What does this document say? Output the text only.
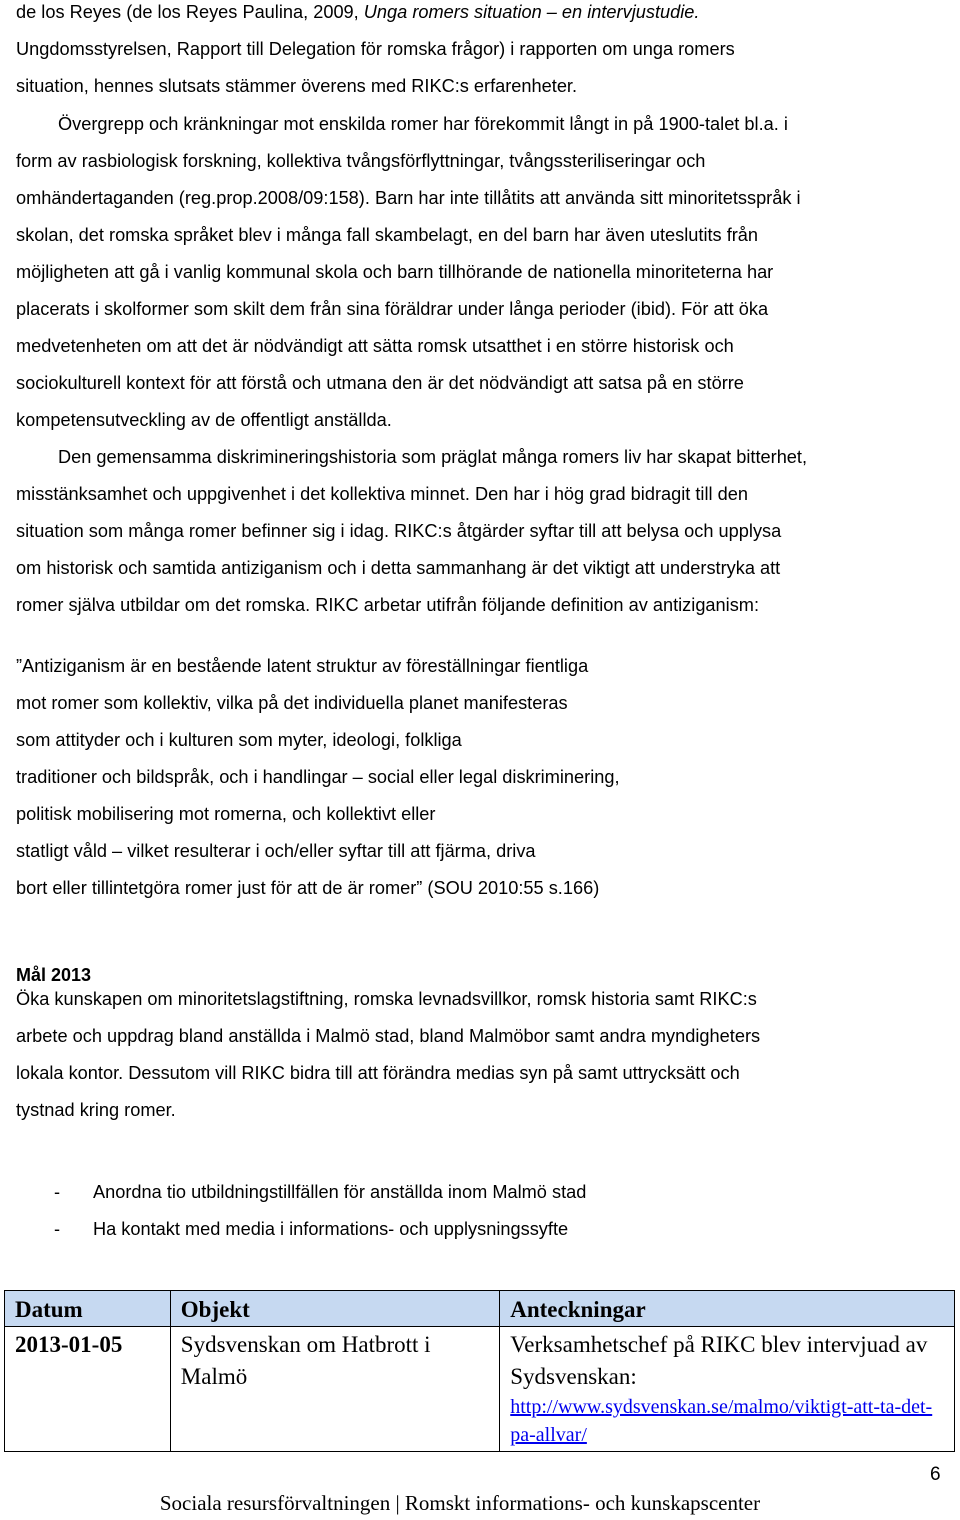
de los Reyes (de los Reyes Paulina, 2009, Unga romers situation – en intervjustudie.
Ungdomsstyrelsen, Rapport till Delegation för romska frågor) i rapporten om unga romers
situation, hennes slutsats stämmer överens med RIKC:s erfarenheter.
Övergrepp och kränkningar mot enskilda romer har förekommit långt in på 1900-talet bl.a. i
form av rasbiologisk forskning, kollektiva tvångsförflyttningar, tvångssteriliseringar och
omhändertaganden (reg.prop.2008/09:158). Barn har inte tillåtits att använda sitt minoritetsspråk i
skolan, det romska språket blev i många fall skambelagt, en del barn har även uteslutits från
möjligheten att gå i vanlig kommunal skola och barn tillhörande de nationella minoriteterna har
placerats i skolformer som skilt dem från sina föräldrar under långa perioder (ibid). För att öka
medvetenheten om att det är nödvändigt att sätta romsk utsatthet i en större historisk och
sociokulturell kontext för att förstå och utmana den är det nödvändigt att satsa på en större
kompetensutveckling av de offentligt anställda.
Den gemensamma diskrimineringshistoria som präglat många romers liv har skapat bitterhet,
misstänksamhet och uppgivenhet i det kollektiva minnet. Den har i hög grad bidragit till den
situation som många romer befinner sig i idag. RIKC:s åtgärder syftar till att belysa och upplysa
om historisk och samtida antiziganism och i detta sammanhang är det viktigt att understryka att
romer själva utbildar om det romska. RIKC arbetar utifrån följande definition av antiziganism:
”Antiziganism är en bestående latent struktur av föreställningar fientliga
mot romer som kollektiv, vilka på det individuella planet manifesteras
som attityder och i kulturen som myter, ideologi, folkliga
traditioner och bildspråk, och i handlingar – social eller legal diskriminering,
politisk mobilisering mot romerna, och kollektivt eller
statligt våld – vilket resulterar i och/eller syftar till att fjärma, driva
bort eller tillintetgöra romer just för att de är romer” (SOU 2010:55 s.166)
Mål 2013
Öka kunskapen om minoritetslagstiftning, romska levnadsvillkor, romsk historia samt RIKC:s
arbete och uppdrag bland anställda i Malmö stad, bland Malmöbor samt andra myndigheters
lokala kontor. Dessutom vill RIKC bidra till att förändra medias syn på samt uttrycksätt och
tystnad kring romer.
- Anordna tio utbildningstillfällen för anställda inom Malmö stad
- Ha kontakt med media i informations- och upplysningssyfte
Datum	Objekt	Anteckningar
2013-01-05	Sydsvenskan om Hatbrott i Malmö	Verksamhetschef på RIKC blev intervjuad av Sydsvenskan:
http://www.sydsvenskan.se/malmo/viktigt-att-ta-det-pa-allvar/
6
Sociala resursförvaltningen | Romskt informations- och kunskapscenter
